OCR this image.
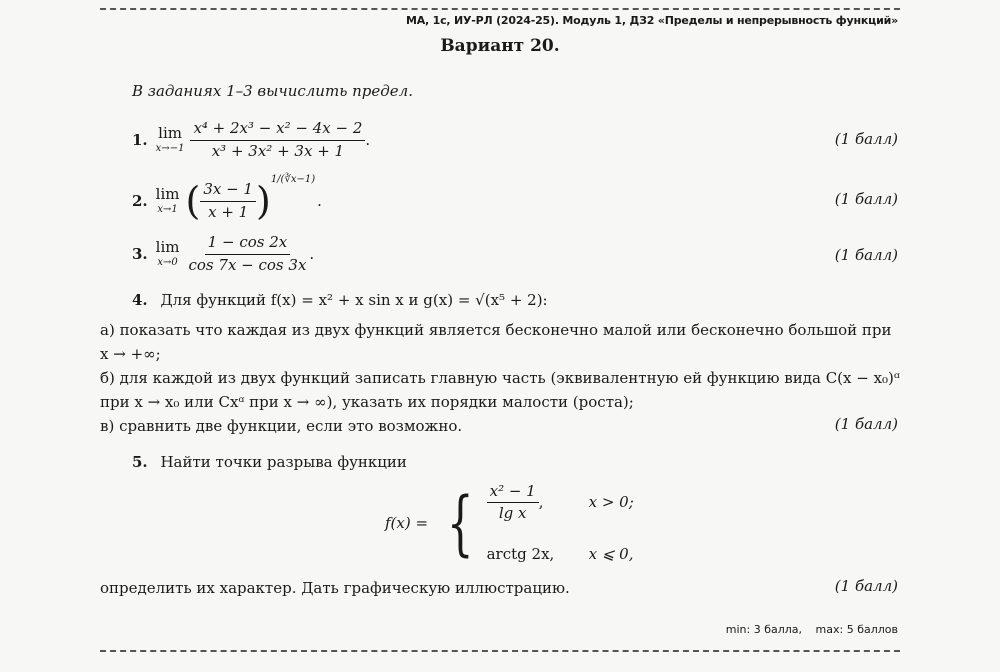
МА, 1с, ИУ-РЛ (2024-25). Модуль 1, ДЗ2 «Пределы и непрерывность функций»
Вариант 20.
В заданиях 1–3 вычислить предел.
1. lim
$x\to-1 \frac{\text{x⁴ + 2x³ − x² − 4x − 2}}{\text{x³ + 3x² + 3x + 1}}$ .	(1 балл)
2. lim
x→1 ( $\frac{3x - 1}{x + 1}$ ) 1/(∛x−1)
.	(1 балл)
3. lim
$x\to 0 \frac{1 - \cos 2x}{\cos 7x - \cos 3x}$ .	(1 балл)
4. Для функций f(x) = x² + x sin x и g(x) = √(x⁵ + 2):
а) показать что каждая из двух функций является бесконечно малой или бесконечно большой при x → +∞;
б) для каждой из двух функций записать главную часть (эквивалентную ей функцию вида C(x − x₀)ᵅ при x → x₀ или Cxᵅ при x → ∞), указать их порядки малости (роста);
в) сравнить две функции, если это возможно.	(1 балл)
5. Найти точки разрыва функции
f(x) = { $\frac{\text{x² − 1}}{\text{lg x}}$ ,	x > 0;
arctg 2x,	x ⩽ 0,
определить их характер. Дать графическую иллюстрацию.	(1 балл)
min: 3 балла, max: 5 баллов
